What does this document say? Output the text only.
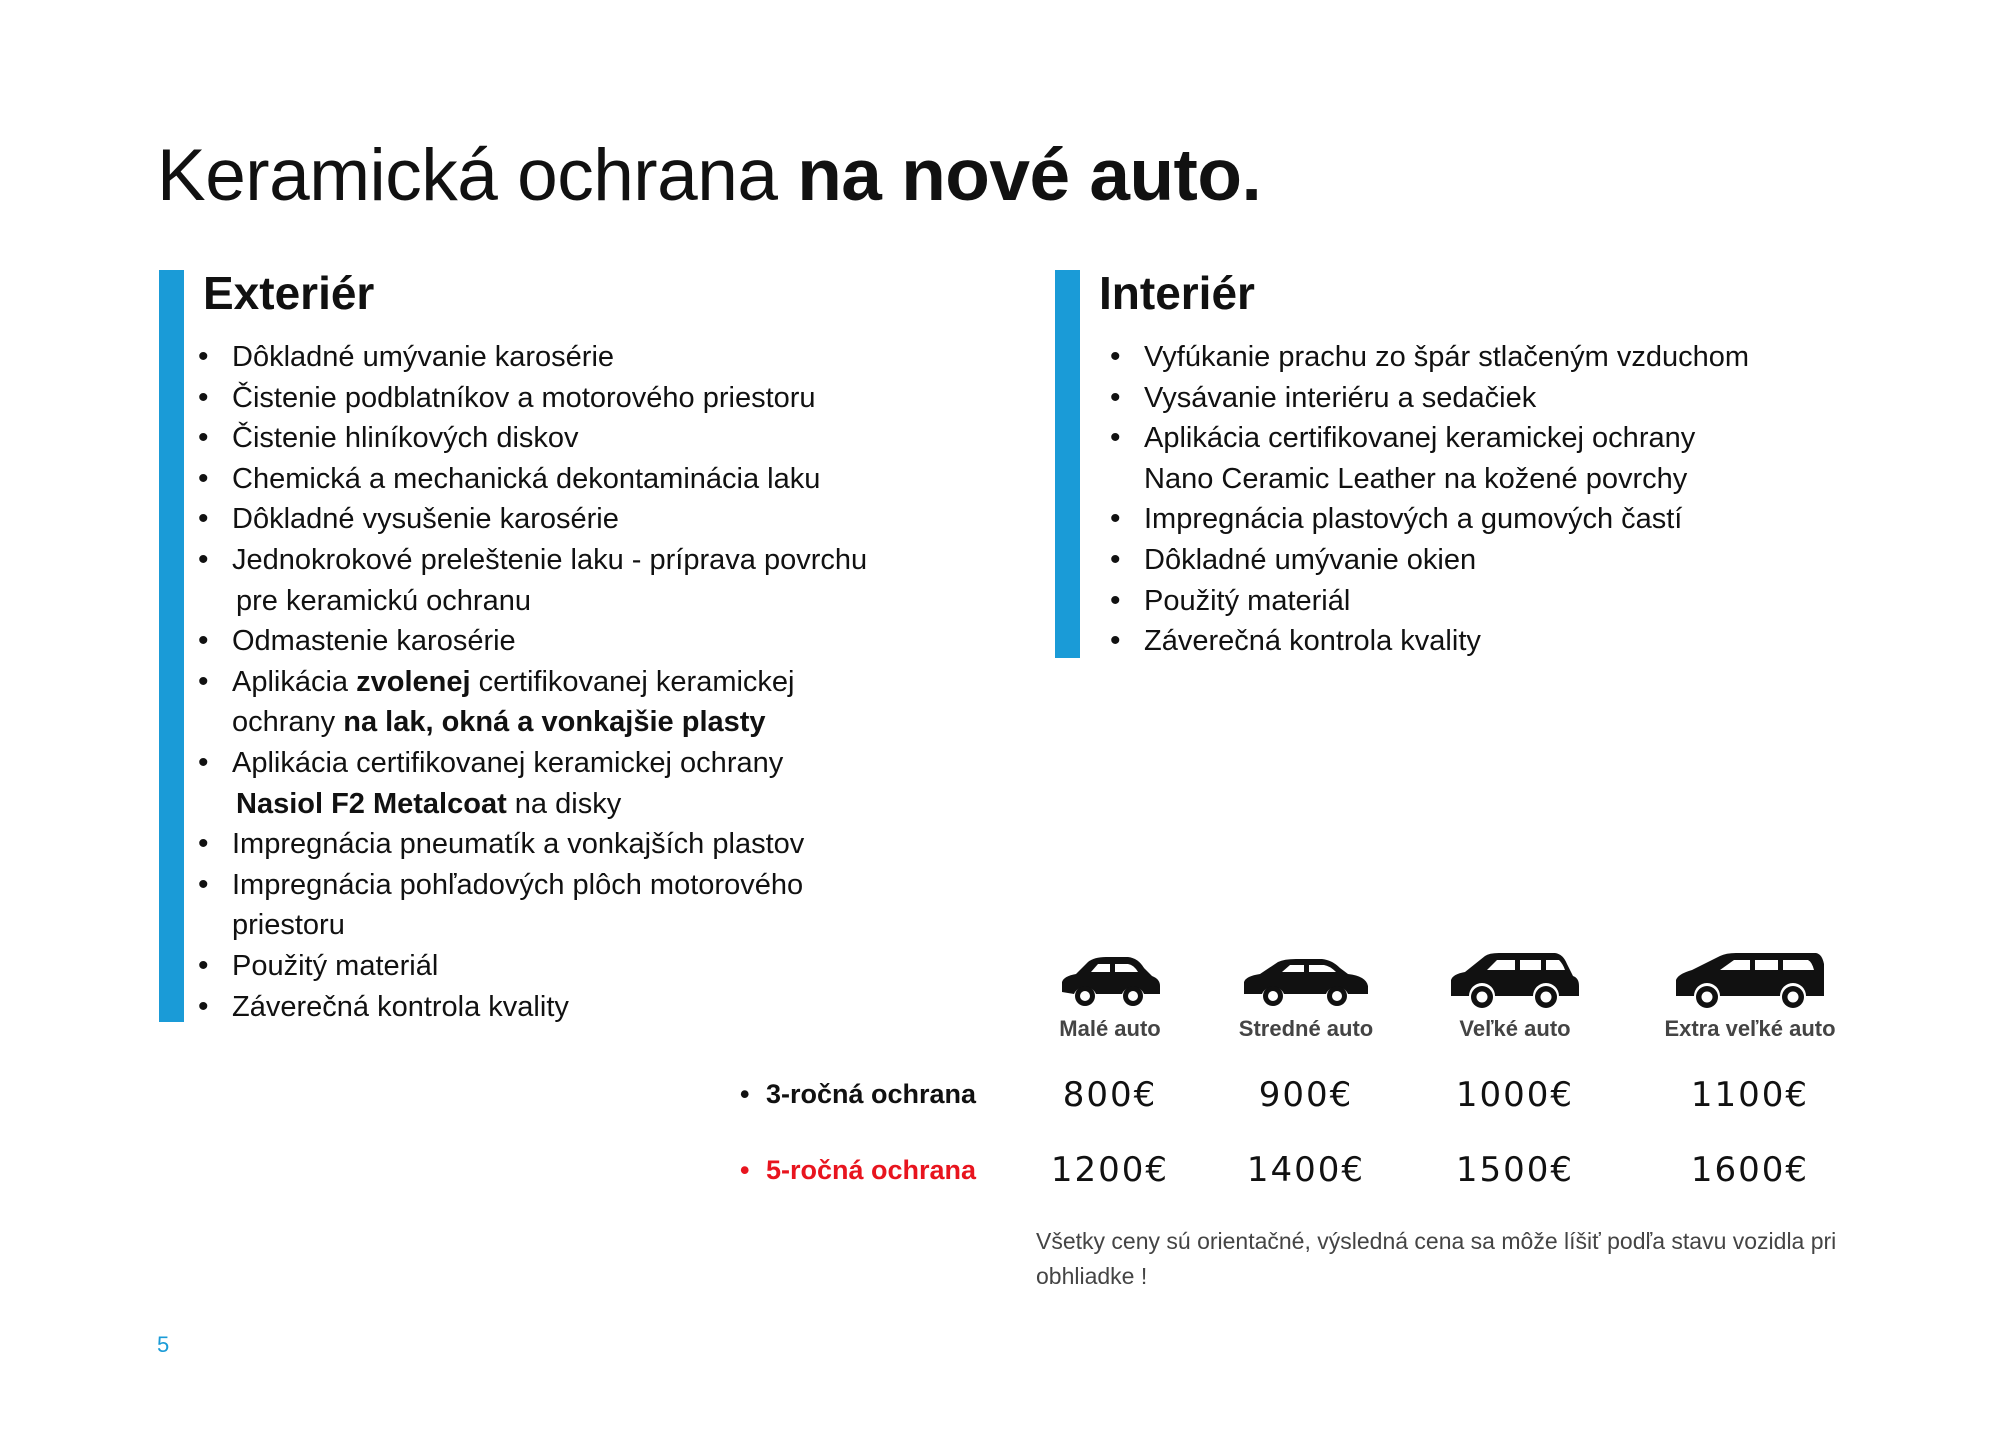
Keramická ochrana na nové auto.
Exteriér
• Dôkladné umývanie karosérie
• Čistenie podblatníkov a motorového priestoru
• Čistenie hliníkových diskov
• Chemická a mechanická dekontaminácia laku
• Dôkladné vysušenie karosérie
• Jednokrokové preleštenie laku - príprava povrchu
pre keramickú ochranu
• Odmastenie karosérie
• Aplikácia zvolenej certifikovanej keramickej
ochrany na lak, okná a vonkajšie plasty
• Aplikácia certifikovanej keramickej ochrany
Nasiol F2 Metalcoat na disky
• Impregnácia pneumatík a vonkajších plastov
• Impregnácia pohľadových plôch motorového
priestoru
• Použitý materiál
• Záverečná kontrola kvality
Interiér
• Vyfúkanie prachu zo špár stlačeným vzduchom
• Vysávanie interiéru a sedačiek
• Aplikácia certifikovanej keramickej ochrany
Nano Ceramic Leather na kožené povrchy
• Impregnácia plastových a gumových častí
• Dôkladné umývanie okien
• Použitý materiál
• Záverečná kontrola kvality
Malé auto	Stredné auto	Veľké auto	Extra veľké auto
• 3-ročná ochrana	800€	900€	1000€	1100€
• 5-ročná ochrana	1200€	1400€	1500€	1600€
Všetky ceny sú orientačné, výsledná cena sa môže líšiť podľa stavu vozidla pri obhliadke !
5
